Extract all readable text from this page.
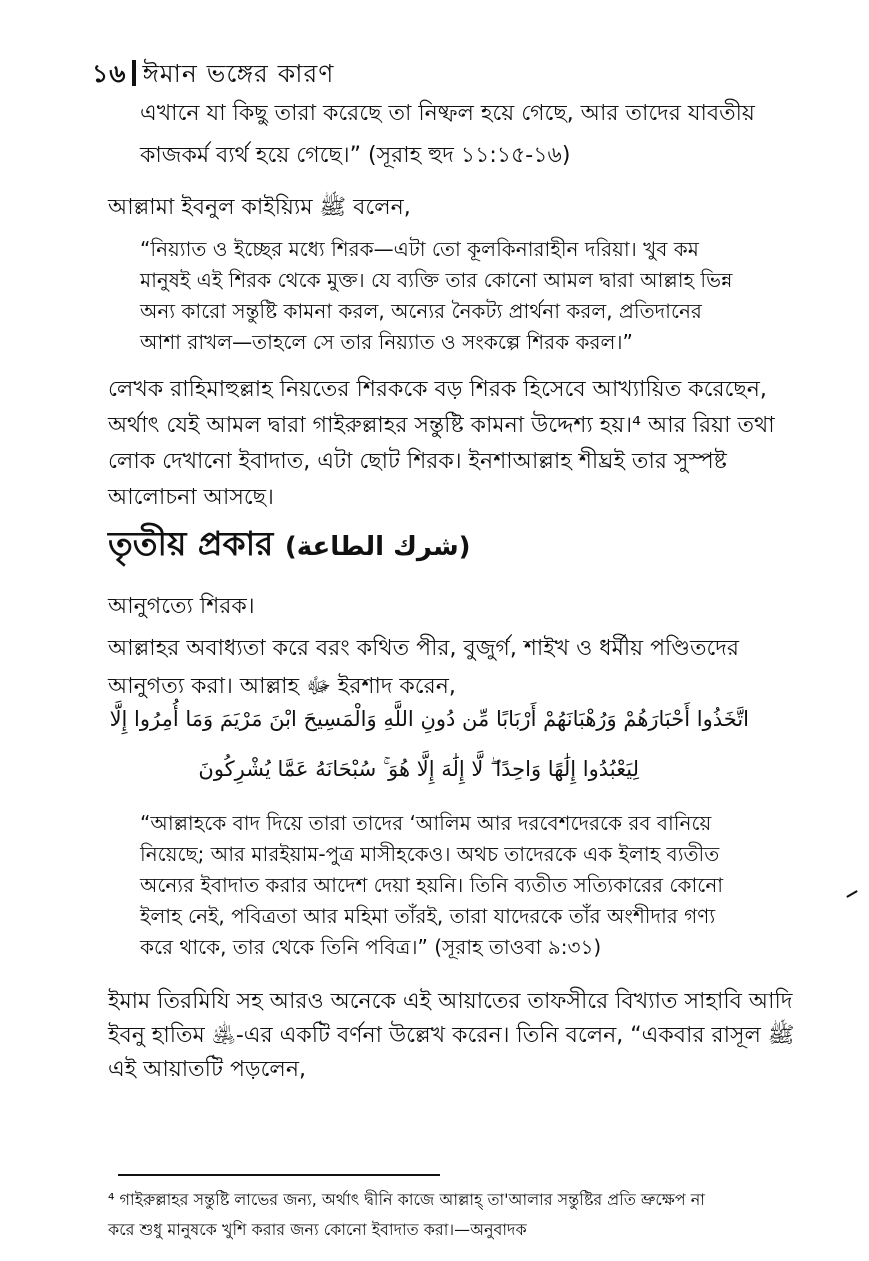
১৬ ঈমান ভঙ্গের কারণ
এখানে যা কিছু তারা করেছে তা নিষ্ফল হয়ে গেছে, আর তাদের যাবতীয়
কাজকর্ম ব্যর্থ হয়ে গেছে।” (সূরাহ হুদ ১১:১৫-১৬)
আল্লামা ইবনুল কাইয়্যিম ﷺ বলেন,
“নিয়্যাত ও ইচ্ছের মধ্যে শিরক—এটা তো কূলকিনারাহীন দরিয়া। খুব কম
মানুষই এই শিরক থেকে মুক্ত। যে ব্যক্তি তার কোনো আমল দ্বারা আল্লাহ ভিন্ন
অন্য কারো সন্তুষ্টি কামনা করল, অন্যের নৈকট্য প্রার্থনা করল, প্রতিদানের
আশা রাখল—তাহলে সে তার নিয়্যাত ও সংকল্পে শিরক করল।”
লেখক রাহিমাহুল্লাহ নিয়তের শিরককে বড় শিরক হিসেবে আখ্যায়িত করেছেন,
অর্থাৎ যেই আমল দ্বারা গাইরুল্লাহর সন্তুষ্টি কামনা উদ্দেশ্য হয়।⁴ আর রিয়া তথা
লোক দেখানো ইবাদাত, এটা ছোট শিরক। ইনশাআল্লাহ শীঘ্রই তার সুস্পষ্ট
আলোচনা আসছে।
তৃতীয় প্রকার (شرك الطاعة)
আনুগত্যে শিরক।
আল্লাহর অবাধ্যতা করে বরং কথিত পীর, বুজুর্গ, শাইখ ও ধর্মীয় পণ্ডিতদের
আনুগত্য করা। আল্লাহ ﷻ ইরশাদ করেন,
اتَّخَذُوا أَحْبَارَهُمْ وَرُهْبَانَهُمْ أَرْبَابًا مِّن دُونِ اللَّهِ وَالْمَسِيحَ ابْنَ مَرْيَمَ وَمَا أُمِرُوا إِلَّا
لِيَعْبُدُوا إِلَٰهًا وَاحِدًا ۖ لَّا إِلَٰهَ إِلَّا هُوَ ۚ سُبْحَانَهُ عَمَّا يُشْرِكُونَ
“আল্লাহকে বাদ দিয়ে তারা তাদের ‘আলিম আর দরবেশদেরকে রব বানিয়ে
নিয়েছে; আর মারইয়াম-পুত্র মাসীহকেও। অথচ তাদেরকে এক ইলাহ ব্যতীত
অন্যের ইবাদাত করার আদেশ দেয়া হয়নি। তিনি ব্যতীত সত্যিকারের কোনো
ইলাহ নেই, পবিত্রতা আর মহিমা তাঁরই, তারা যাদেরকে তাঁর অংশীদার গণ্য
করে থাকে, তার থেকে তিনি পবিত্র।” (সূরাহ তাওবা ৯:৩১)
ইমাম তিরমিযি সহ আরও অনেকে এই আয়াতের তাফসীরে বিখ্যাত সাহাবি আদি
ইবনু হাতিম ﵁-এর একটি বর্ণনা উল্লেখ করেন। তিনি বলেন, “একবার রাসূল ﷺ
এই আয়াতটি পড়লেন,
⁴ গাইরুল্লাহর সন্তুষ্টি লাভের জন্য, অর্থাৎ দ্বীনি কাজে আল্লাহ্ তা'আলার সন্তুষ্টির প্রতি ভ্রুক্ষেপ না
করে শুধু মানুষকে খুশি করার জন্য কোনো ইবাদাত করা।—অনুবাদক
